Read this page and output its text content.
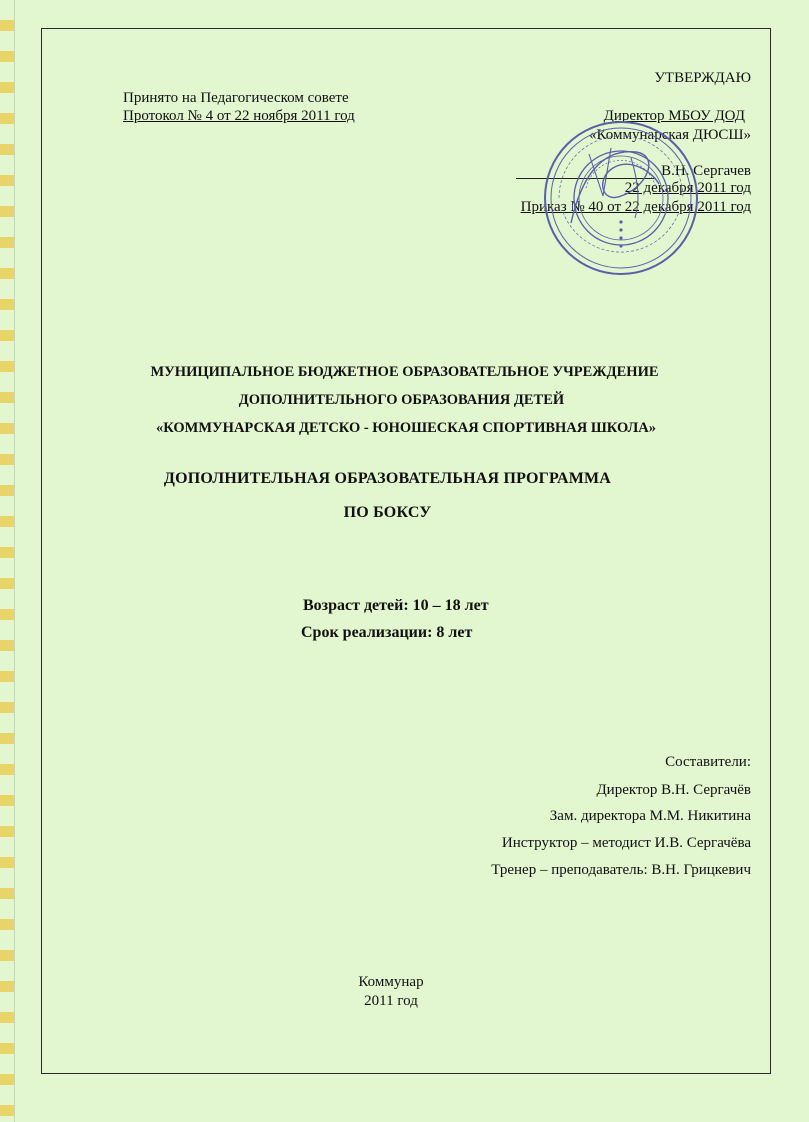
Принято на Педагогическом совете
Протокол № 4 от 22 ноября 2011 год
УТВЕРЖДАЮ
Директор МБОУ ДОД
«Коммунарская ДЮСШ»
В.Н. Сергачев
22 декабря 2011 год
Приказ № 40 от 22 декабря 2011 год
МУНИЦИПАЛЬНОЕ БЮДЖЕТНОЕ ОБРАЗОВАТЕЛЬНОЕ УЧРЕЖДЕНИЕ
ДОПОЛНИТЕЛЬНОГО ОБРАЗОВАНИЯ ДЕТЕЙ
«КОММУНАРСКАЯ ДЕТСКО - ЮНОШЕСКАЯ СПОРТИВНАЯ ШКОЛА»
ДОПОЛНИТЕЛЬНАЯ ОБРАЗОВАТЕЛЬНАЯ ПРОГРАММА
ПО БОКСУ
Возраст детей: 10 – 18 лет
Срок реализации: 8 лет
Составители:
Директор В.Н. Сергачёв
Зам. директора М.М. Никитина
Инструктор – методист И.В. Сергачёва
Тренер – преподаватель: В.Н. Грицкевич
Коммунар
2011 год
